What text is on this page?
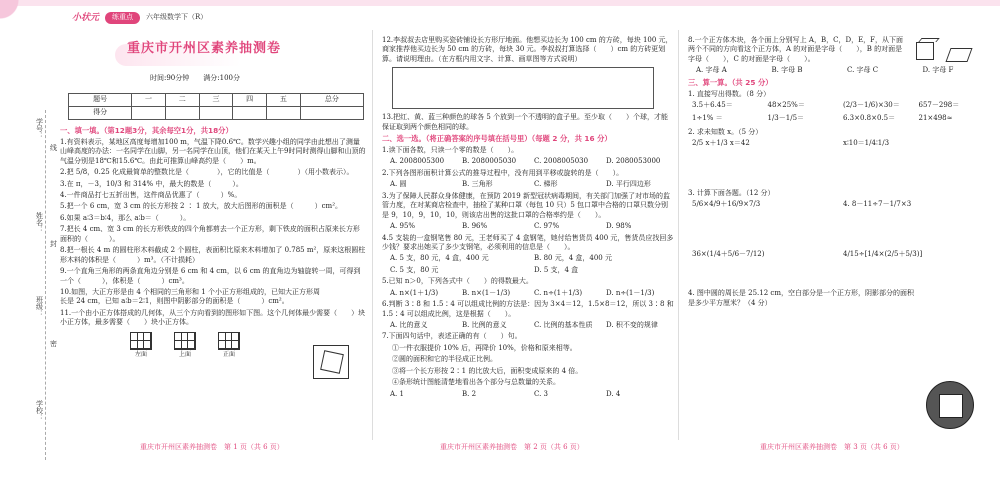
小状元	练重点	六年级数学下（R）
重庆市开州区素养抽测卷
时间:90分钟　　满分:100分
题号	一	二	三	四	五	总分
得分						
学号：
姓名：
班级：
学校：
封
线
密
一、填一填。（第12题3分，其余每空1分，共18分）
1.有资料表示，某地区高度每增加100 m，气温下降0.6℃。数学兴趣小组的同学由此想出了测量山峰高度的办法：一名同学在山脚，另一名同学在山顶，他们在某天上午9时同时测得山脚和山顶的气温分别是18℃和15.6℃。由此可推算山峰高约是（　　）m。
2.把 5/8，0.25 化成最简单的整数比是（　　　　），它的比值是（　　　　）（用小数表示）。
3.在 π，－3，10/3 和 314% 中，最大的数是（　　　）。
4.一件商品打七五折出售，这件商品优惠了（　　　）%。
5.把一个 6 cm，宽 3 cm 的长方形按 2 ∶ 1 放大，放大后图形的面积是（　　　）cm²。
6.如果 a∶3＝b∶4，那么 a∶b＝（　　　）。
7.把长 4 cm、宽 3 cm 的长方形铁皮的四个角都剪去一个正方形，剩下铁皮的面积占原来长方形面积的（　　　）。
8.把一根长 4 m 的圆柱形木料截成 2 个圆柱，表面积比原来木料增加了 0.785 m²，原来这根圆柱形木料的体积是（　　　）m³。（不计损耗）
9.一个直角三角形的两条直角边分别是 6 cm 和 4 cm，以 6 cm 的直角边为轴旋转一周，可得到一个（　　　），体积是（　　　）cm³。
10.如图，大正方形是由 4 个相同的三角形和 1 个小正方形组成的，已知大正方形周长是 24 cm，已知 a∶b＝2∶1，则图中阴影部分的面积是（　　　）cm²。
11.一个由小正方体搭成的几何体，从三个方向看到的图形如下图。这个几何体最少需要（　　）块小正方体，最多需要（　　）块小正方体。
左面	上面	正面
12.李叔叔去店里购买瓷砖铺设长方形厅地面。他想买边长为 100 cm 的方砖，每块 100 元，商家推荐他买边长为 50 cm 的方砖，每块 30 元。李叔叔打算选择（　　）cm 的方砖更划算。请说明理由。（在方框内用文字、计算、画草图等方式说明）
13.把红、黄、蓝三种颜色的球各 5 个放到一个不透明的盒子里。至少取（　　）个球，才能保证取到两个颜色相同的球。
二、选一选。（将正确答案的序号填在括号里）（每题 2 分，共 16 分）
1.读下面各数，只读一个零的数是（　　）。
A. 2008005300	B. 2080005030	C. 2008005030	D. 2080053000
2.下列各图形面积计算公式的推导过程中，没有用到平移或旋转的是（　　）。
A. 圆	B. 三角形	C. 梯形	D. 平行四边形
3.为了保障人民群众身体健康，在预防 2019 新型冠状病毒期间，有关部门加强了对市场的监管力度，在对某商店检查中，抽检了某种口罩（每包 10 只）5 包口罩中合格的口罩只数分别是 9，10，9，10，10，则该店出售的这批口罩的合格率约是（　　）。
A. 95%	B. 96%	C. 97%	D. 98%
4.5 支装的一盒钢笔售 80 元，王老师买了 4 盒钢笔，她付给售货员 400 元，售货员应找回多少钱？要求出她买了多少支钢笔，必须利用的信息是（　　）。
A. 5 支，80 元，4 盒，400 元	B. 80 元，4 盒，400 元
C. 5 支，80 元	D. 5 支，4 盒
5.已知 n＞0，下列各式中（　　）的得数最大。
A. n×(1＋1/3)	B. n×(1－1/3)	C. n÷(1＋1/3)	D. n÷(1－1/3)
6.判断 3∶8 和 1.5∶4 可以组成比例的方法是：因为 3×4＝12，1.5×8＝12，所以 3∶8 和 1.5∶4 可以组成比例，这是根据（　　）。
A. 比的意义	B. 比例的意义	C. 比例的基本性质	D. 积不变的规律
7.下面四句话中，表述正确的有（　　）句。
①一件衣服提价 10% 后，再降价 10%，价格和原来相等。
②圆的面积和它的半径成正比例。
③将一个长方形按 2∶1 的比放大后，面积变成原来的 4 倍。
④条形统计图能清楚地看出各个部分与总数量的关系。
A. 1	B. 2	C. 3	D. 4
8.一个正方体木块，各个面上分别写上 A，B，C，D，E，F，从下面两个不同的方向看这个正方体，A 的对面是字母（　　），B 的对面是字母（　　），C 的对面是字母（　　）。
A. 字母 A	B. 字母 B	C. 字母 C	D. 字母 F
三、算一算。（共 25 分）
1. 直接写出得数。（8 分）
3.5＋6.45＝	48×25%＝	(2/3－1/6)×30＝	657－298＝
1÷1% ＝	1/3－1/5＝	6.3×0.8×0.5＝	21×498≈
2. 求未知数 x。（5 分）
2/5 x＋1/3 x＝42	x∶10＝1/4∶1/3
3. 计算下面各题。（12 分）
5/6×4/9＋16/9×7/3	4. 8－11÷7－1/7×3
36×(1/4＋5/6－7/12)	4/15÷[1/4×(2/5＋5/3)]
4. 图中圆的周长是 25.12 cm，空白部分是一个正方形，阴影部分的面积是多少平方厘米？（4 分）
重庆市开州区素养抽测卷　第 1 页（共 6 页）	重庆市开州区素养抽测卷　第 2 页（共 6 页）	重庆市开州区素养抽测卷　第 3 页（共 6 页）
